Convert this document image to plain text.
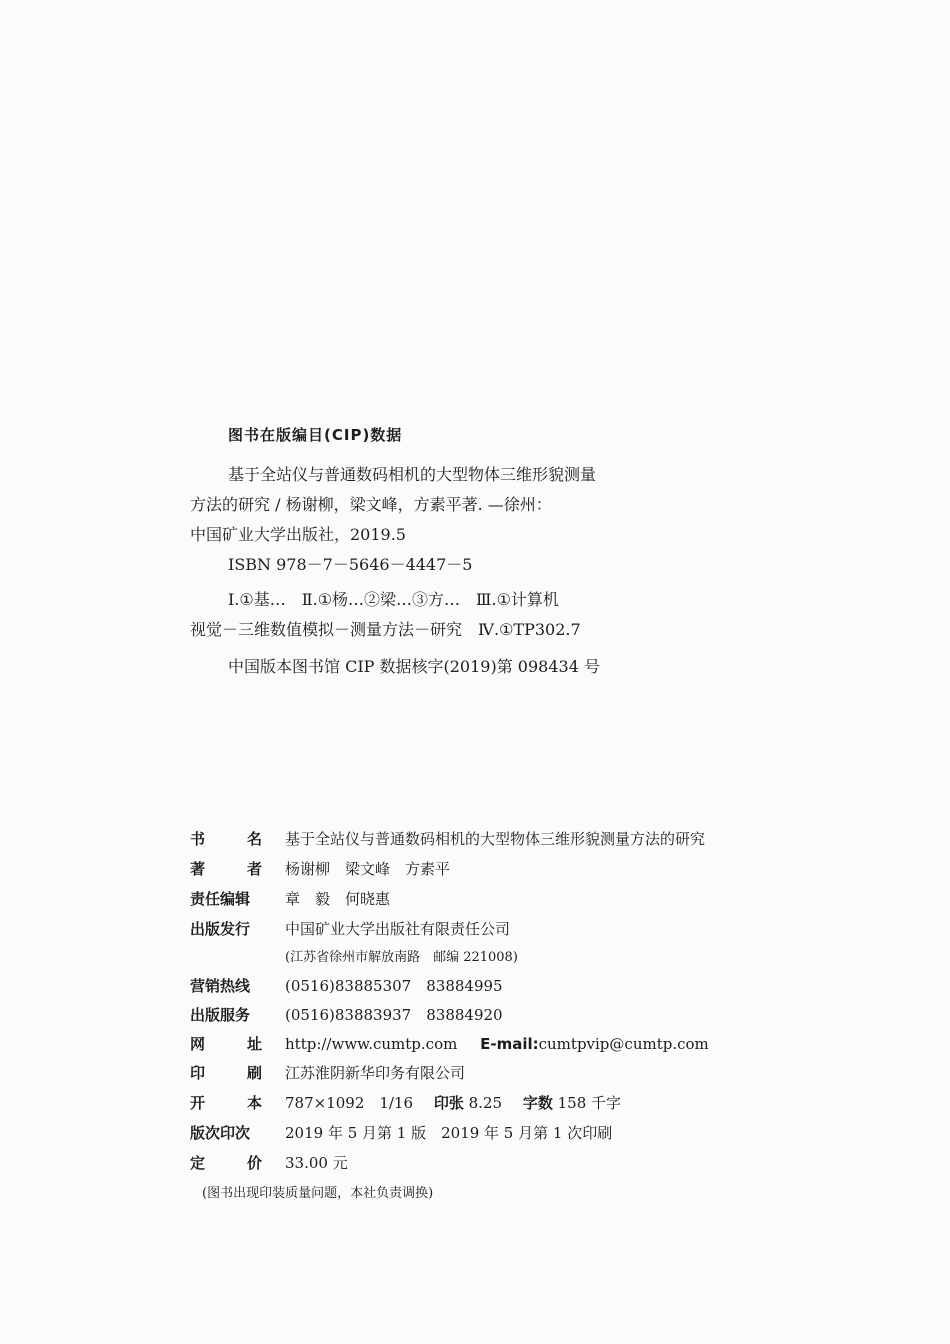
图书在版编目(CIP)数据
基于全站仪与普通数码相机的大型物体三维形貌测量
方法的研究 / 杨谢柳，梁文峰，方素平著. —徐州：
中国矿业大学出版社，2019.5
ISBN 978－7－5646－4447－5
Ⅰ.①基…　Ⅱ.①杨…②梁…③方…　Ⅲ.①计算机
视觉－三维数值模拟－测量方法－研究　Ⅳ.①TP302.7
中国版本图书馆 CIP 数据核字(2019)第 098434 号
书名 基于全站仪与普通数码相机的大型物体三维形貌测量方法的研究
著者 杨谢柳　梁文峰　方素平
责任编辑 章　毅　何晓惠
出版发行 中国矿业大学出版社有限责任公司
(江苏省徐州市解放南路　邮编 221008)
营销热线 (0516)83885307　83884995
出版服务 (0516)83883937　83884920
网址 http://www.cumtp.com E-mail:cumtpvip@cumtp.com
印刷 江苏淮阴新华印务有限公司
开本 787×1092　1/16 印张 8.25 字数 158 千字
版次印次 2019 年 5 月第 1 版　2019 年 5 月第 1 次印刷
定价 33.00 元
(图书出现印装质量问题，本社负责调换)
